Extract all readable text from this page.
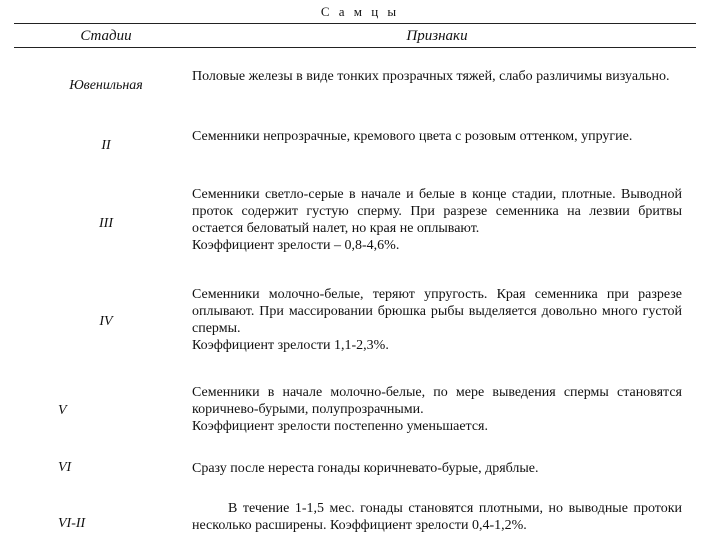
С а м ц ы
Стадии	Признаки
Ювенильная
Половые железы в виде тонких прозрачных тяжей, слабо различимы визуально.
II
Семенники непрозрачные, кремового цвета с розовым оттенком, упругие.
III
Семенники светло-серые в начале и белые в конце стадии, плотные. Выводной проток содержит густую сперму. При разрезе семенника на лезвии бритвы остается беловатый налет, но края не оплывают.
Коэффициент зрелости – 0,8-4,6%.
IV
Семенники молочно-белые, теряют упругость. Края семенника при разрезе оплывают. При массировании брюшка рыбы выделяется довольно много густой спермы.
Коэффициент зрелости 1,1-2,3%.
V
Семенники в начале молочно-белые, по мере выведения спермы становятся коричнево-бурыми, полупрозрачными.
Коэффициент зрелости постепенно уменьшается.
VI	Сразу после нереста гонады коричневато-бурые, дряблые.
VI-II
В течение 1-1,5 мес. гонады становятся плотными, но выводные протоки несколько расширены. Коэффициент зрелости 0,4-1,2%.
